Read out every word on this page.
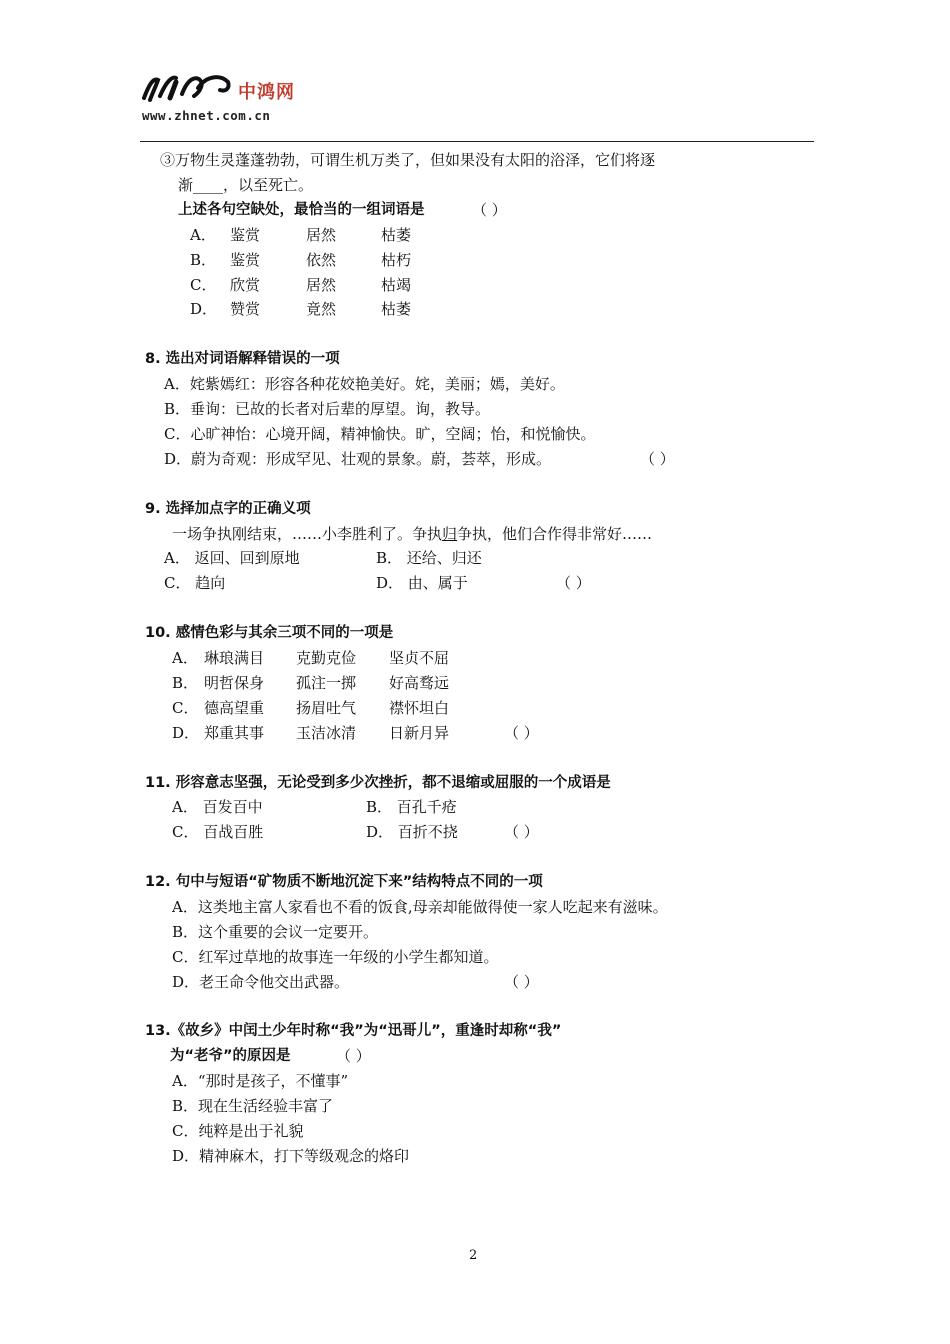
中鸿网
www.zhnet.com.cn
③万物生灵蓬蓬勃勃，可谓生机万类了，但如果没有太阳的浴泽，它们将逐
渐____，以至死亡。
上述各句空缺处，最恰当的一组词语是	（ ）
A． 鉴赏	居然	枯萎
B． 鉴赏	依然	枯朽
C． 欣赏	居然	枯竭
D． 赞赏	竟然	枯萎
8. 选出对词语解释错误的一项
A．姹紫嫣红：形容各种花姣艳美好。姹，美丽；嫣，美好。
B．垂询：已故的长者对后辈的厚望。询，教导。
C．心旷神怡：心境开阔，精神愉快。旷，空阔；怡，和悦愉快。
D．蔚为奇观：形成罕见、壮观的景象。蔚，荟萃，形成。	（ ）
9. 选择加点字的正确义项
一场争执刚结束，……小李胜利了。争执归争执，他们合作得非常好……
A． 返回、回到原地	B． 还给、归还
C． 趋向	D． 由、属于	（ ）
10. 感情色彩与其余三项不同的一项是
A． 琳琅满目 克勤克俭 坚贞不屈
B． 明哲保身 孤注一掷 好高骛远
C． 德高望重 扬眉吐气 襟怀坦白
D． 郑重其事 玉洁冰清 日新月异	（ ）
11. 形容意志坚强，无论受到多少次挫折，都不退缩或屈服的一个成语是
A． 百发百中	B． 百孔千疮
C． 百战百胜	D． 百折不挠	（ ）
12. 句中与短语“矿物质不断地沉淀下来”结构特点不同的一项
A．这类地主富人家看也不看的饭食,母亲却能做得使一家人吃起来有滋味。
B．这个重要的会议一定要开。
C．红军过草地的故事连一年级的小学生都知道。
D．老王命令他交出武器。	（ ）
13.《故乡》中闰土少年时称“我”为“迅哥儿”，重逢时却称“我”
为“老爷”的原因是	（ ）
A．“那时是孩子，不懂事”
B．现在生活经验丰富了
C．纯粹是出于礼貌
D．精神麻木，打下等级观念的烙印
2
